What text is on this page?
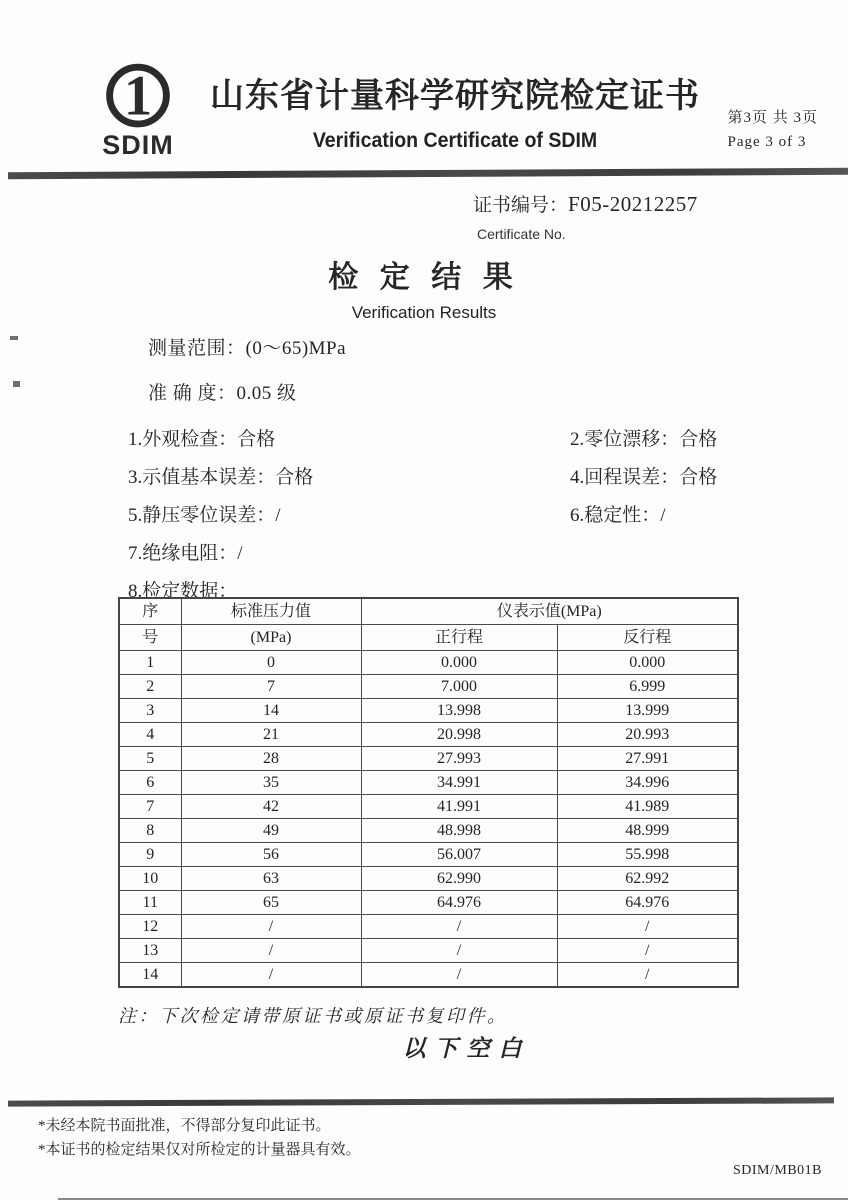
1
SDIM
山东省计量科学研究院检定证书
Verification Certificate of SDIM
第3页 共 3页
Page 3 of 3
证书编号：F05-20212257
Certificate No.
检 定 结 果
Verification Results
测量范围：(0～65)MPa
准 确 度：0.05 级
1.外观检查：合格	2.零位漂移：合格
3.示值基本误差：合格	4.回程误差：合格
5.静压零位误差：/	6.稳定性：/
7.绝缘电阻：/
8.检定数据：
序	标准压力值	仪表示值(MPa)	
号	(MPa)	正行程	反行程
1	0	0.000	0.000
2	7	7.000	6.999
3	14	13.998	13.999
4	21	20.998	20.993
5	28	27.993	27.991
6	35	34.991	34.996
7	42	41.991	41.989
8	49	48.998	48.999
9	56	56.007	55.998
10	63	62.990	62.992
11	65	64.976	64.976
12	/	/	/
13	/	/	/
14	/	/	/
注：下次检定请带原证书或原证书复印件。
以下空白
*未经本院书面批准，不得部分复印此证书。
*本证书的检定结果仅对所检定的计量器具有效。
SDIM/MB01B
